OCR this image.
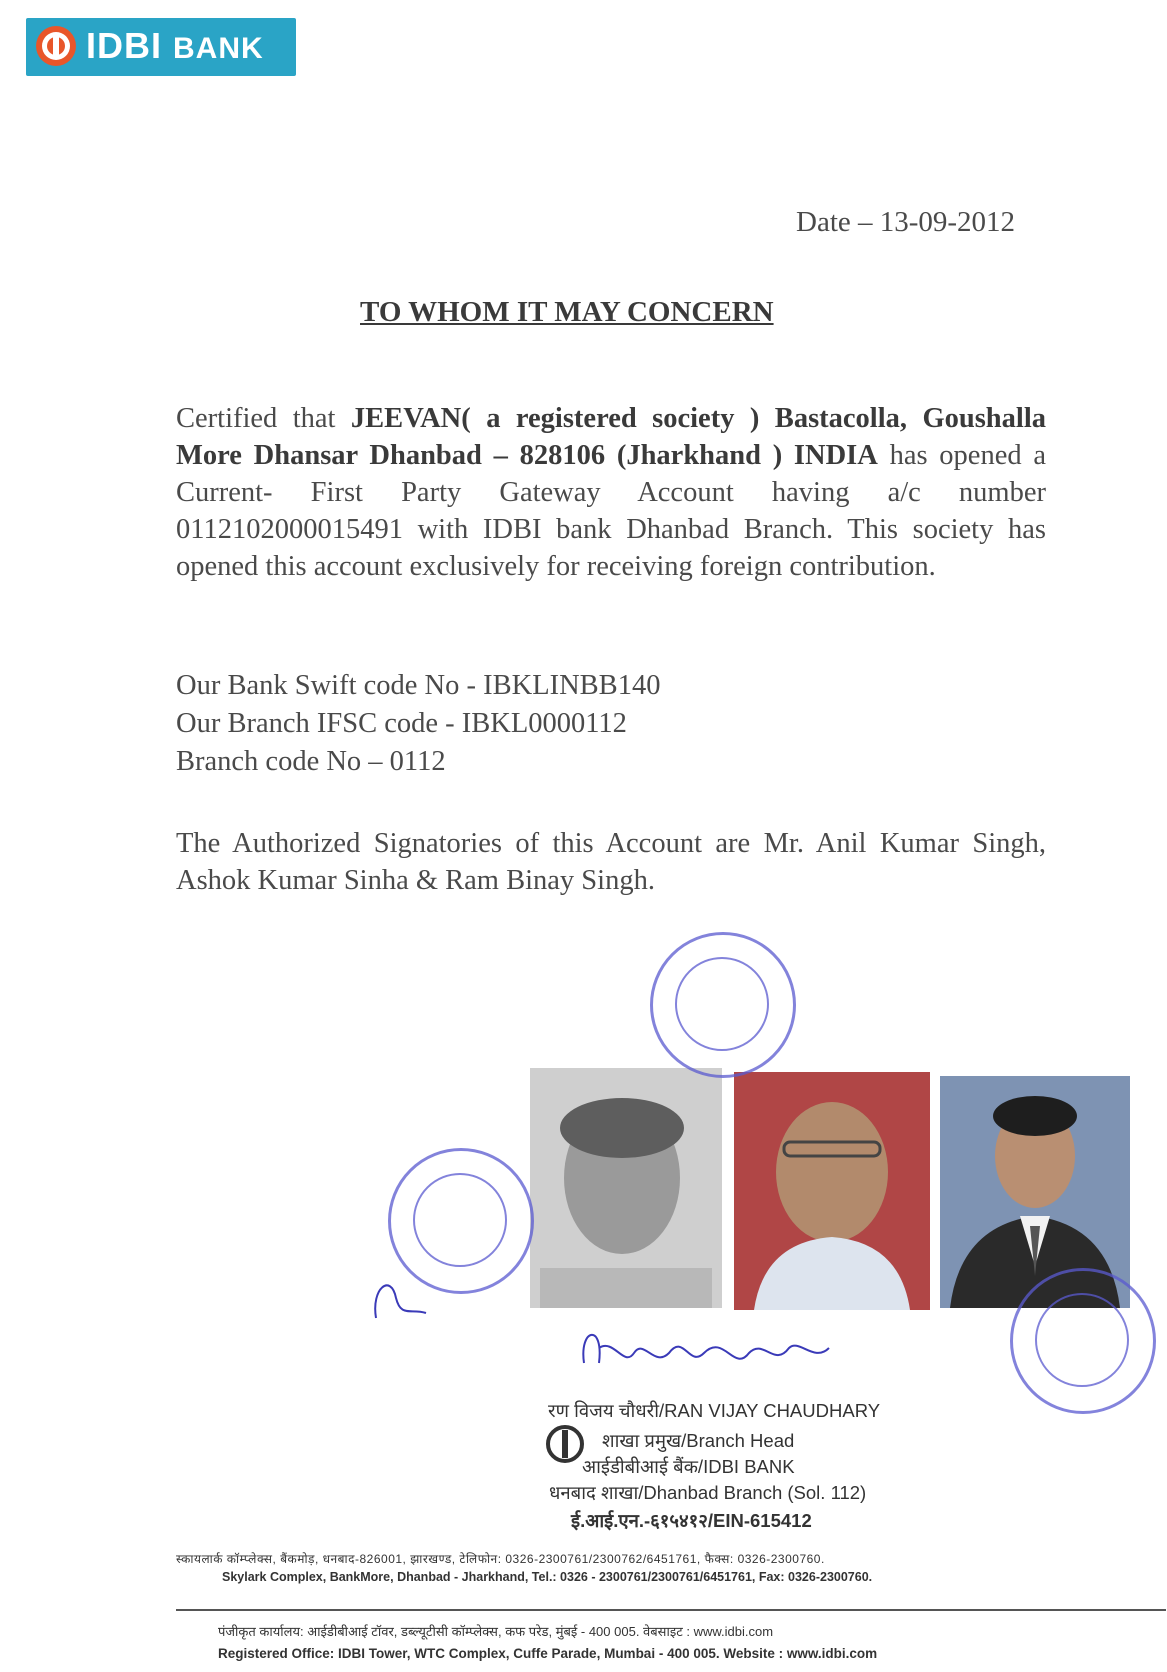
IDBI BANK
Date – 13-09-2012
TO WHOM IT MAY CONCERN
Certified that JEEVAN( a registered society ) Bastacolla, Goushalla More Dhansar Dhanbad – 828106 (Jharkhand ) INDIA has opened a Current- First Party Gateway Account having a/c number 0112102000015491 with IDBI bank Dhanbad Branch. This society has opened this account exclusively for receiving foreign contribution.
Our Bank Swift code No - IBKLINBB140
Our Branch IFSC code - IBKL0000112
Branch code No – 0112
The Authorized Signatories of this Account are Mr. Anil Kumar Singh, Ashok Kumar Sinha & Ram Binay Singh.
रण विजय चौधरी/RAN VIJAY CHAUDHARY
शाखा प्रमुख/Branch Head
आईडीबीआई बैंक/IDBI BANK
धनबाद शाखा/Dhanbad Branch (Sol. 112)
ई.आई.एन.-६१५४१२/EIN-615412
स्कायलार्क कॉम्प्लेक्स, बैंकमोड़, धनबाद-826001, झारखण्ड, टेलिफोन: 0326-2300761/2300762/6451761, फैक्स: 0326-2300760.
Skylark Complex, BankMore, Dhanbad - Jharkhand, Tel.: 0326 - 2300761/2300761/6451761, Fax: 0326-2300760.
पंजीकृत कार्यालय: आईडीबीआई टॉवर, डब्ल्यूटीसी कॉम्प्लेक्स, कफ परेड, मुंबई - 400 005. वेबसाइट : www.idbi.com
Registered Office: IDBI Tower, WTC Complex, Cuffe Parade, Mumbai - 400 005. Website : www.idbi.com
